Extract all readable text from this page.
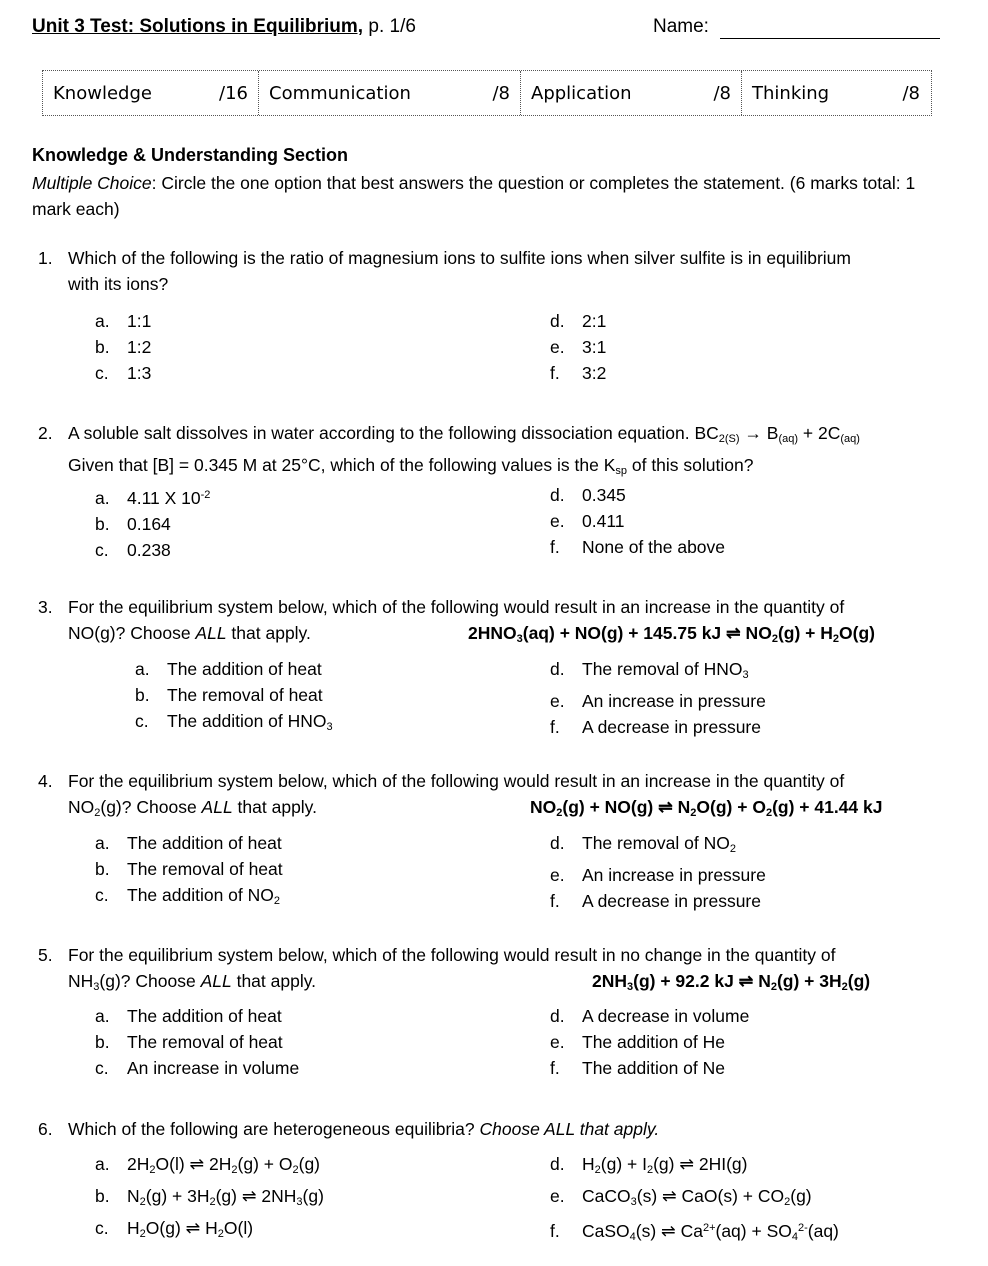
Unit 3 Test: Solutions in Equilibrium, p. 1/6	Name:
Knowledge	/16 Communication	/8 Application	/8 Thinking	/8
Knowledge & Understanding Section
Multiple Choice: Circle the one option that best answers the question or completes the statement. (6 marks total: 1 mark each)
1. Which of the following is the ratio of magnesium ions to sulfite ions when silver sulfite is in equilibrium
with its ions?
a. 1:1
b. 1:2
c. 1:3
d. 2:1
e. 3:1
f. 3:2
2. A soluble salt dissolves in water according to the following dissociation equation. $BC_{2(S)} \to B_{(aq)} + 2C_{(aq)}$
Given that [B] = 0.345 M at 25°C, which of the following values is the $K_{sp}$ of this solution?
a. 4.11 X $10^{-2}$
b. 0.164
c. 0.238
d. 0.345
e. 0.411
f. None of the above
3. For the equilibrium system below, which of the following would result in an increase in the quantity of
NO(g)? Choose ALL that apply.	$2HNO_3(aq) + NO(g) + 145.75$ kJ ⇌ $NO_2(g) + H_2O(g)$
a. The addition of heat
b. The removal of heat
c. The addition of $HNO_3$
d. The removal of $HNO_3$
e. An increase in pressure
f. A decrease in pressure
4. For the equilibrium system below, which of the following would result in an increase in the quantity of
$NO_2(g)$? Choose ALL that apply.	$NO_2(g) + NO(g)$ ⇌ $N_2O(g) + O_2(g) + 41.44$ kJ
a. The addition of heat
b. The removal of heat
c. The addition of $NO_2$
d. The removal of $NO_2$
e. An increase in pressure
f. A decrease in pressure
5. For the equilibrium system below, which of the following would result in no change in the quantity of
$NH_3(g)$? Choose ALL that apply.	$2NH_3(g) + 92.2$ kJ ⇌ $N_2(g) + 3H_2(g)$
a. The addition of heat
b. The removal of heat
c. An increase in volume
d. A decrease in volume
e. The addition of He
f. The addition of Ne
6. Which of the following are heterogeneous equilibria? Choose ALL that apply.
a. $2H_2O(l)$ ⇌ $2H_2(g) + O_2(g)$
b. $N_2(g) + 3H_2(g)$ ⇌ $2NH_3(g)$
c. $H_2O(g)$ ⇌ $H_2O(l)$
d. $H_2(g) + I_2(g)$ ⇌ 2HI(g)
e. CaCO$_3$(s) ⇌ $CaO(s) + CO_2(g)$
f. CaSO$_4$(s) ⇌ $Ca^{2+}(aq) + SO_4^{2-}(aq)$
